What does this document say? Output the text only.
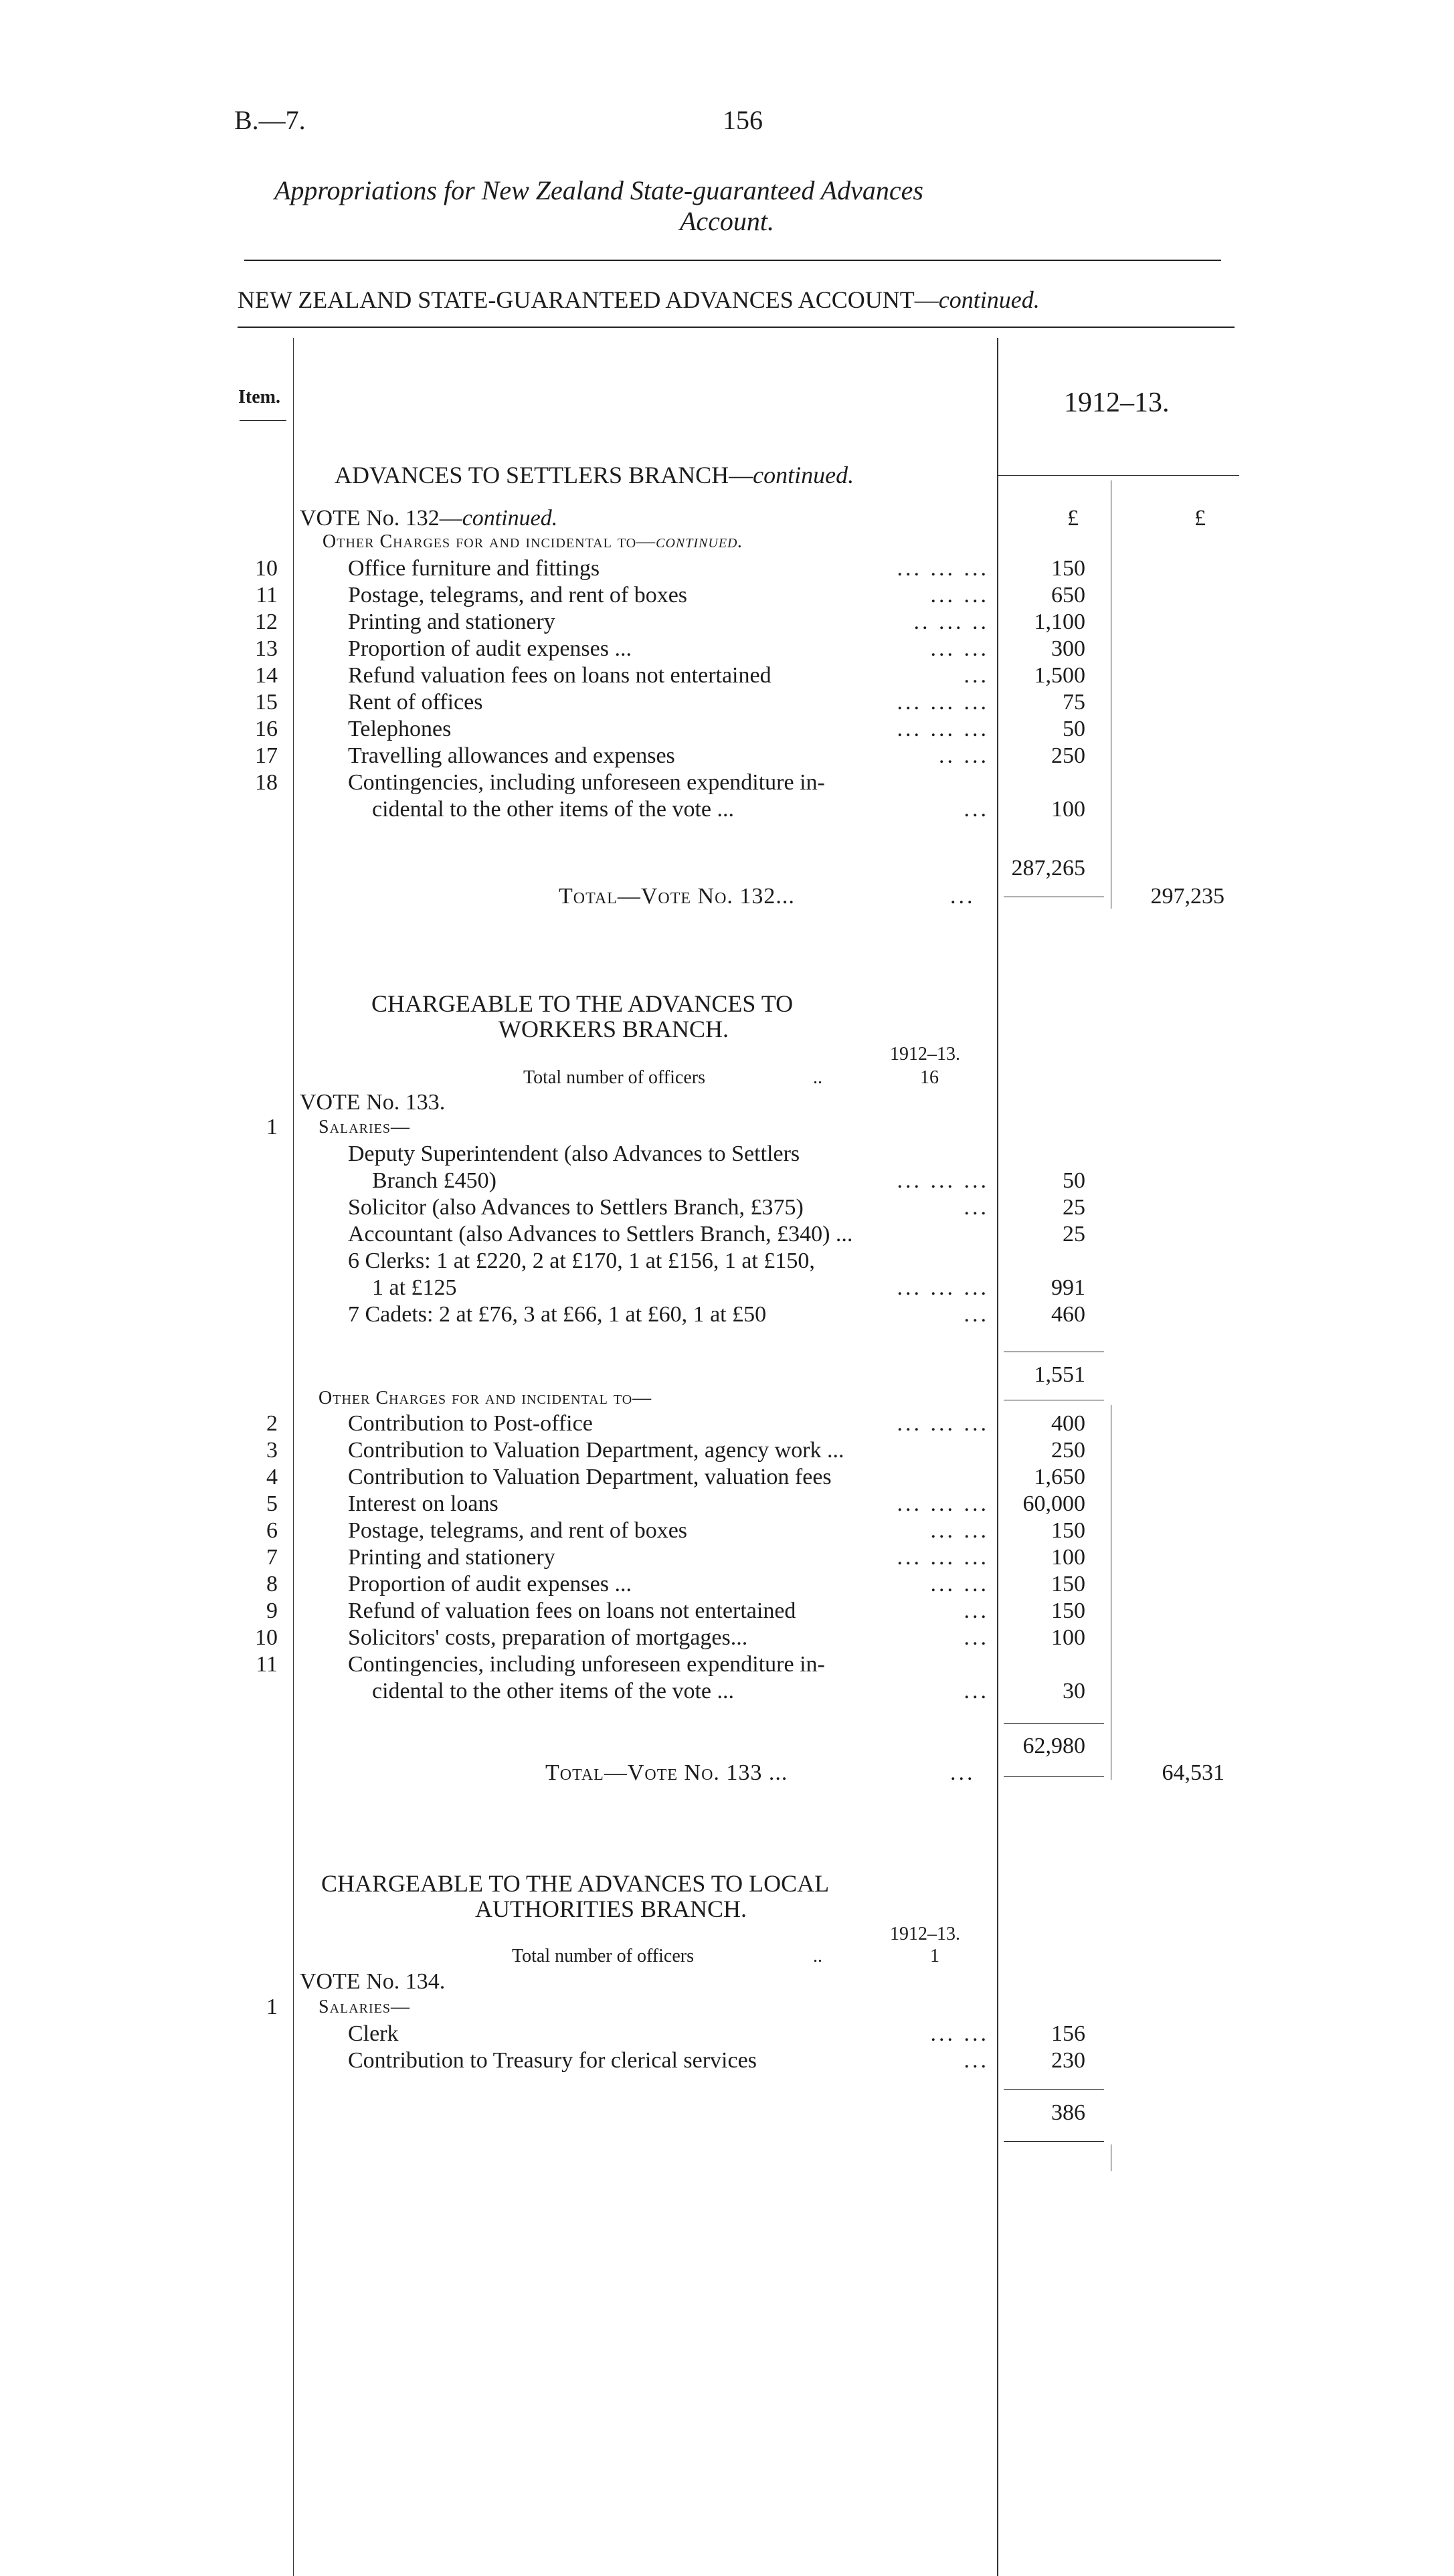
B.—7.	156
Appropriations for New Zealand State-guaranteed Advances
Account.
NEW ZEALAND STATE-GUARANTEED ADVANCES ACCOUNT—continued.
Item.	1912–13.
£	£
ADVANCES TO SETTLERS BRANCH—continued.
VOTE No. 132—continued.
Other Charges for and incidental to—continued.
10	Office furniture and fittings	... ... ...	150
11	Postage, telegrams, and rent of boxes	... ...	650
12	Printing and stationery	.. ... ..	1,100
13	Proportion of audit expenses ...	... ...	300
14	Refund valuation fees on loans not entertained	...	1,500
15	Rent of offices	... ... ...	75
16	Telephones	... ... ...	50
17	Travelling allowances and expenses	.. ...	250
18	Contingencies, including unforeseen expenditure in-
cidental to the other items of the vote ...	...	100
287,265
Total—Vote No. 132...	...	297,235
CHARGEABLE TO THE ADVANCES TO
WORKERS BRANCH.
1912–13.
Total number of officers	..	16
VOTE No. 133.
1 Salaries—
Deputy Superintendent (also Advances to Settlers
Branch £450)	... ... ...	50
Solicitor (also Advances to Settlers Branch, £375)	...	25
Accountant (also Advances to Settlers Branch, £340) ...	25
6 Clerks: 1 at £220, 2 at £170, 1 at £156, 1 at £150,
1 at £125	... ... ...	991
7 Cadets: 2 at £76, 3 at £66, 1 at £60, 1 at £50	...	460
1,551
Other Charges for and incidental to—
2	Contribution to Post-office	... ... ...	400
3	Contribution to Valuation Department, agency work ...	250
4	Contribution to Valuation Department, valuation fees	1,650
5	Interest on loans	... ... ...	60,000
6	Postage, telegrams, and rent of boxes	... ...	150
7	Printing and stationery	... ... ...	100
8	Proportion of audit expenses ...	... ...	150
9	Refund of valuation fees on loans not entertained	...	150
10	Solicitors' costs, preparation of mortgages...	...	100
11	Contingencies, including unforeseen expenditure in-
cidental to the other items of the vote ...	...	30
62,980
Total—Vote No. 133 ...	...	64,531
CHARGEABLE TO THE ADVANCES TO LOCAL
AUTHORITIES BRANCH.
1912–13.
Total number of officers	..	1
VOTE No. 134.
1 Salaries—
Clerk	... ...	156
Contribution to Treasury for clerical services	...	230
386
